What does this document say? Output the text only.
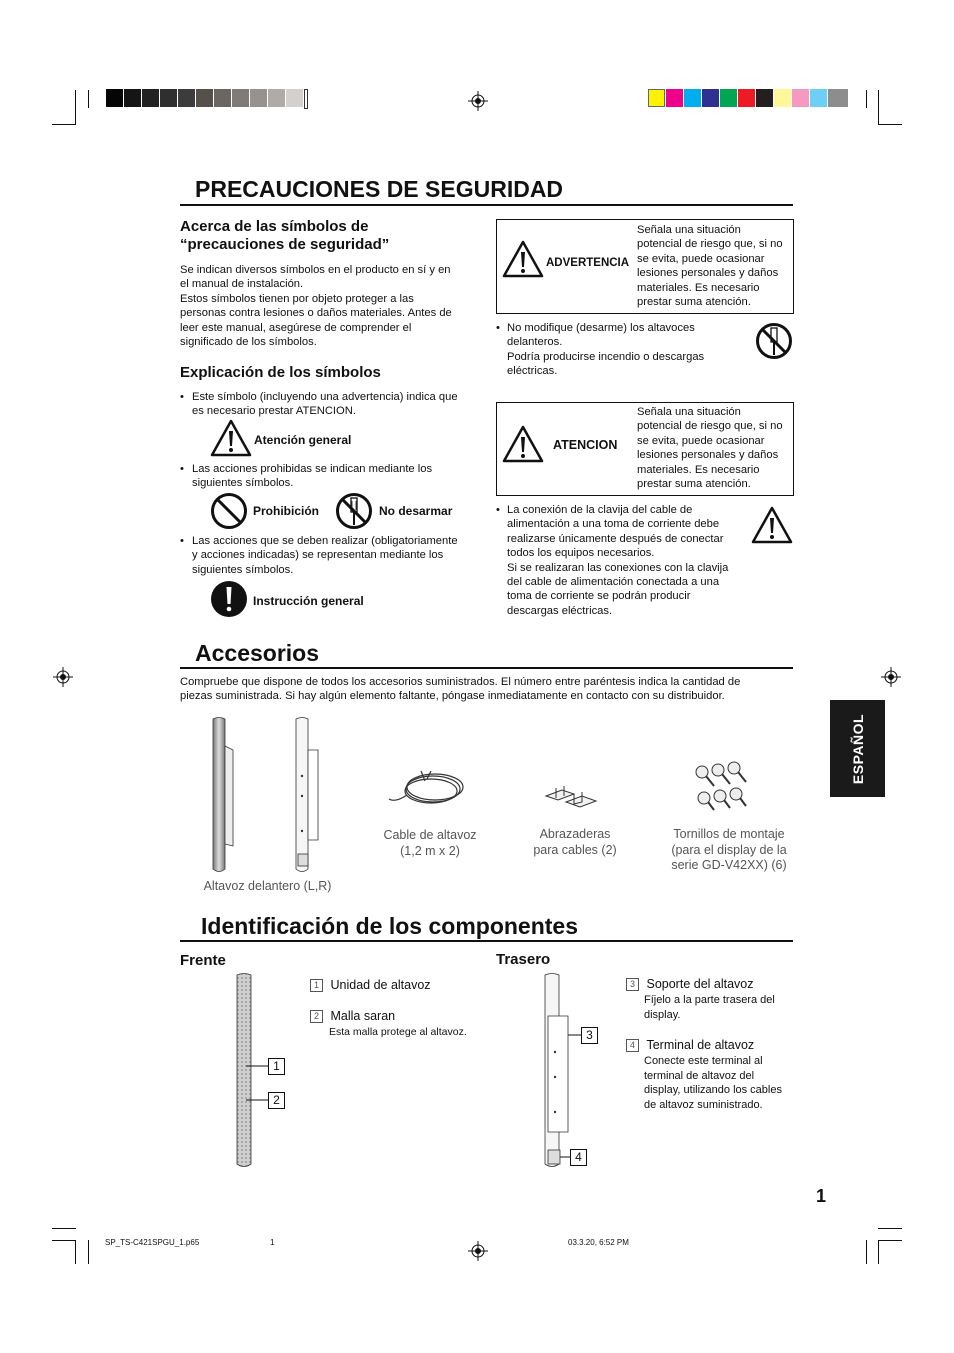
PRECAUCIONES DE SEGURIDAD
Acerca de las símbolos de
“precauciones de seguridad”
Se indican diversos símbolos en el producto en sí y en
el manual de instalación.
Estos símbolos tienen por objeto proteger a las
personas contra lesiones o daños materiales. Antes de
leer este manual, asegúrese de comprender el
significado de los símbolos.
Explicación de los símbolos
• Este símbolo (incluyendo una advertencia) indica que
es necesario prestar ATENCION.
Atención general
• Las acciones prohibidas se indican mediante los
siguientes símbolos.
Prohibición	No desarmar
• Las acciones que se deben realizar (obligatoriamente
y acciones indicadas) se representan mediante los
siguientes símbolos.
Instrucción general
ADVERTENCIA
Señala una situación
potencial de riesgo que, si no
se evita, puede ocasionar
lesiones personales y daños
materiales. Es necesario
prestar suma atención.
• No modifique (desarme) los altavoces
delanteros.
Podría producirse incendio o descargas
eléctricas.
ATENCION
Señala una situación
potencial de riesgo que, si no
se evita, puede ocasionar
lesiones personales y daños
materiales. Es necesario
prestar suma atención.
• La conexión de la clavija del cable de
alimentación a una toma de corriente debe
realizarse únicamente después de conectar
todos los equipos necesarios.
Si se realizaran las conexiones con la clavija
del cable de alimentación conectada a una
toma de corriente se podrán producir
descargas eléctricas.
Accesorios
Compruebe que dispone de todos los accesorios suministrados. El número entre paréntesis indica la cantidad de
piezas suministrada. Si hay algún elemento faltante, póngase inmediatamente en contacto con su distribuidor.
Altavoz delantero (L,R)
Cable de altavoz
(1,2 m x 2)
Abrazaderas
para cables (2)
Tornillos de montaje
(para el display de la
serie GD-V42XX) (6)
ESPAÑOL
Identificación de los componentes
Frente	Trasero
1
2
1 Unidad de altavoz
2 Malla saran
Esta malla protege al altavoz.	3
4
3 Soporte del altavoz
Fíjelo a la parte trasera del
display.
4 Terminal de altavoz
Conecte este terminal al
terminal de altavoz del
display, utilizando los cables
de altavoz suministrado.
1
SP_TS-C421SPGU_1.p65	1	03.3.20, 6:52 PM
